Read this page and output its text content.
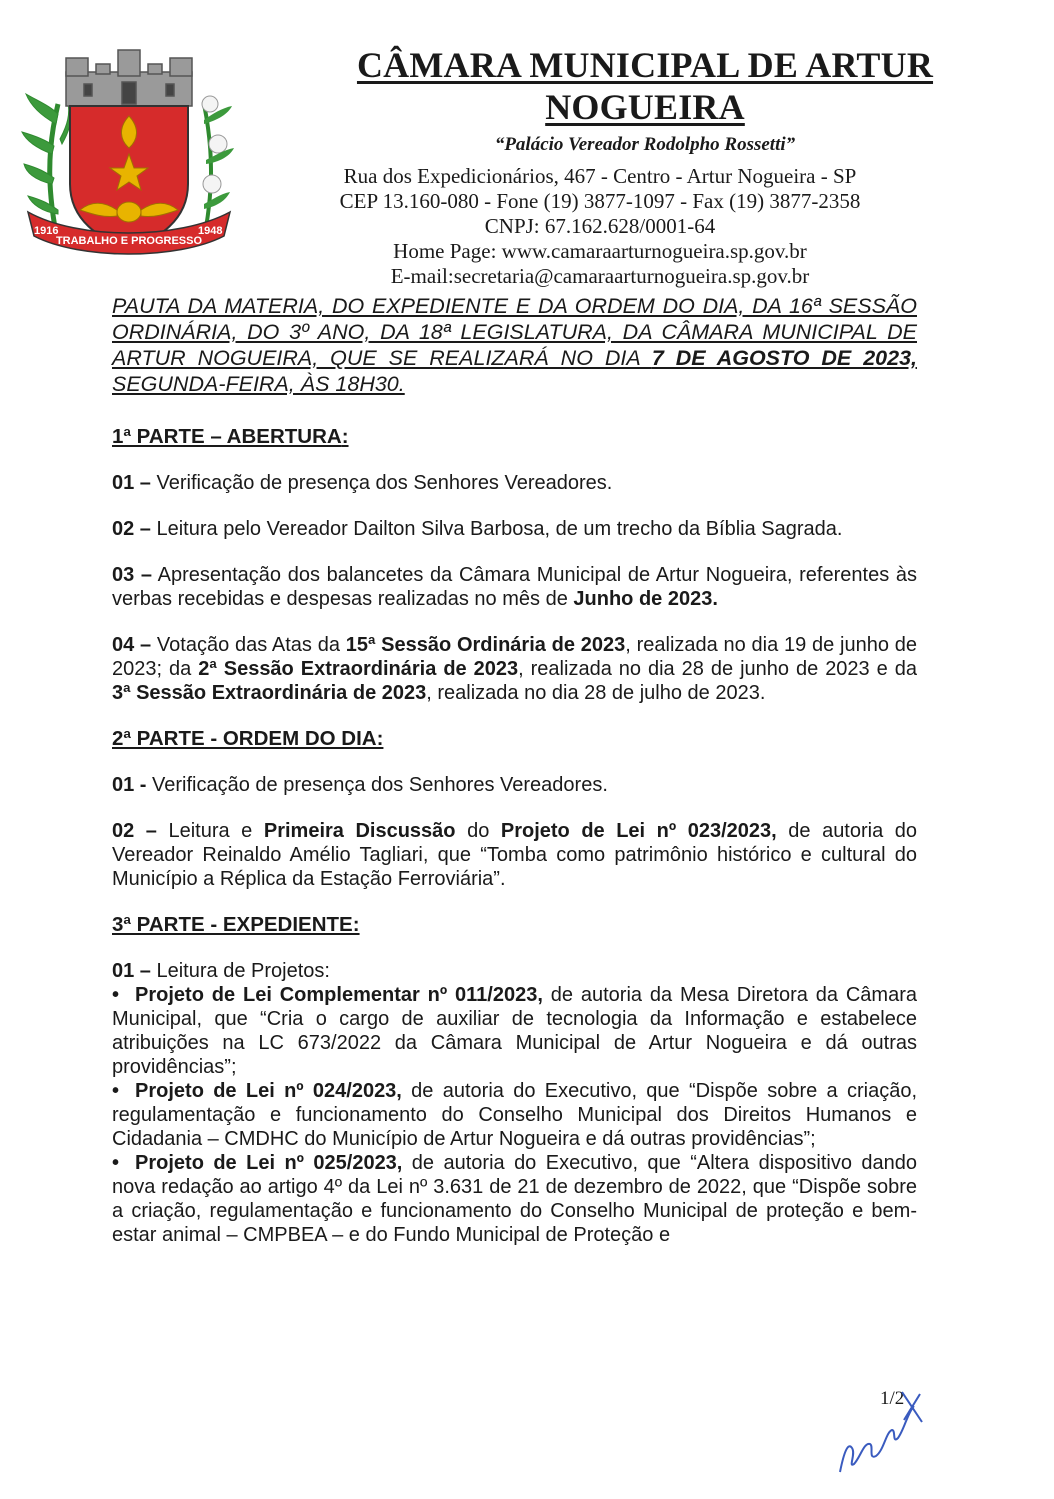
1916
TRABALHO E PROGRESSO
1948
CÂMARA MUNICIPAL DE ARTUR NOGUEIRA
“Palácio Vereador Rodolpho Rossetti”
Rua dos Expedicionários, 467 - Centro - Artur Nogueira - SP
CEP 13.160-080 - Fone (19) 3877-1097 - Fax (19) 3877-2358
CNPJ: 67.162.628/0001-64
Home Page: www.camaraarturnogueira.sp.gov.br
E-mail:secretaria@camaraarturnogueira.sp.gov.br
PAUTA DA MATERIA, DO EXPEDIENTE E DA ORDEM DO DIA, DA 16ª SESSÃO
ORDINÁRIA, DO 3º ANO, DA 18ª LEGISLATURA, DA CÂMARA MUNICIPAL DE
ARTUR NOGUEIRA, QUE SE REALIZARÁ NO DIA 7 DE AGOSTO DE 2023,
SEGUNDA-FEIRA, ÀS 18H30.
1ª PARTE – ABERTURA:

01 – Verificação de presença dos Senhores Vereadores.

02 – Leitura pelo Vereador Dailton Silva Barbosa, de um trecho da Bíblia Sagrada.

03 – Apresentação dos balancetes da Câmara Municipal de Artur Nogueira, referentes às verbas recebidas e despesas realizadas no mês de Junho de 2023.

04 – Votação das Atas da 15ª Sessão Ordinária de 2023, realizada no dia 19 de junho de 2023; da 2ª Sessão Extraordinária de 2023, realizada no dia 28 de junho de 2023 e da 3ª Sessão Extraordinária de 2023, realizada no dia 28 de julho de 2023.

2ª PARTE - ORDEM DO DIA:

01 - Verificação de presença dos Senhores Vereadores.

02 – Leitura e Primeira Discussão do Projeto de Lei nº 023/2023, de autoria do Vereador Reinaldo Amélio Tagliari, que “Tomba como patrimônio histórico e cultural do Município a Réplica da Estação Ferroviária”.

3ª PARTE - EXPEDIENTE:

01 – Leitura de Projetos:

• Projeto de Lei Complementar nº 011/2023, de autoria da Mesa Diretora da Câmara Municipal, que “Cria o cargo de auxiliar de tecnologia da Informação e estabelece atribuições na LC 673/2022 da Câmara Municipal de Artur Nogueira e dá outras providências”;

• Projeto de Lei nº 024/2023, de autoria do Executivo, que “Dispõe sobre a criação, regulamentação e funcionamento do Conselho Municipal dos Direitos Humanos e Cidadania – CMDHC do Município de Artur Nogueira e dá outras providências”;

• Projeto de Lei nº 025/2023, de autoria do Executivo, que “Altera dispositivo dando nova redação ao artigo 4º da Lei nº 3.631 de 21 de dezembro de 2022, que “Dispõe sobre a criação, regulamentação e funcionamento do Conselho Municipal de proteção e bem-estar animal – CMPBEA – e do Fundo Municipal de Proteção e

1/2
